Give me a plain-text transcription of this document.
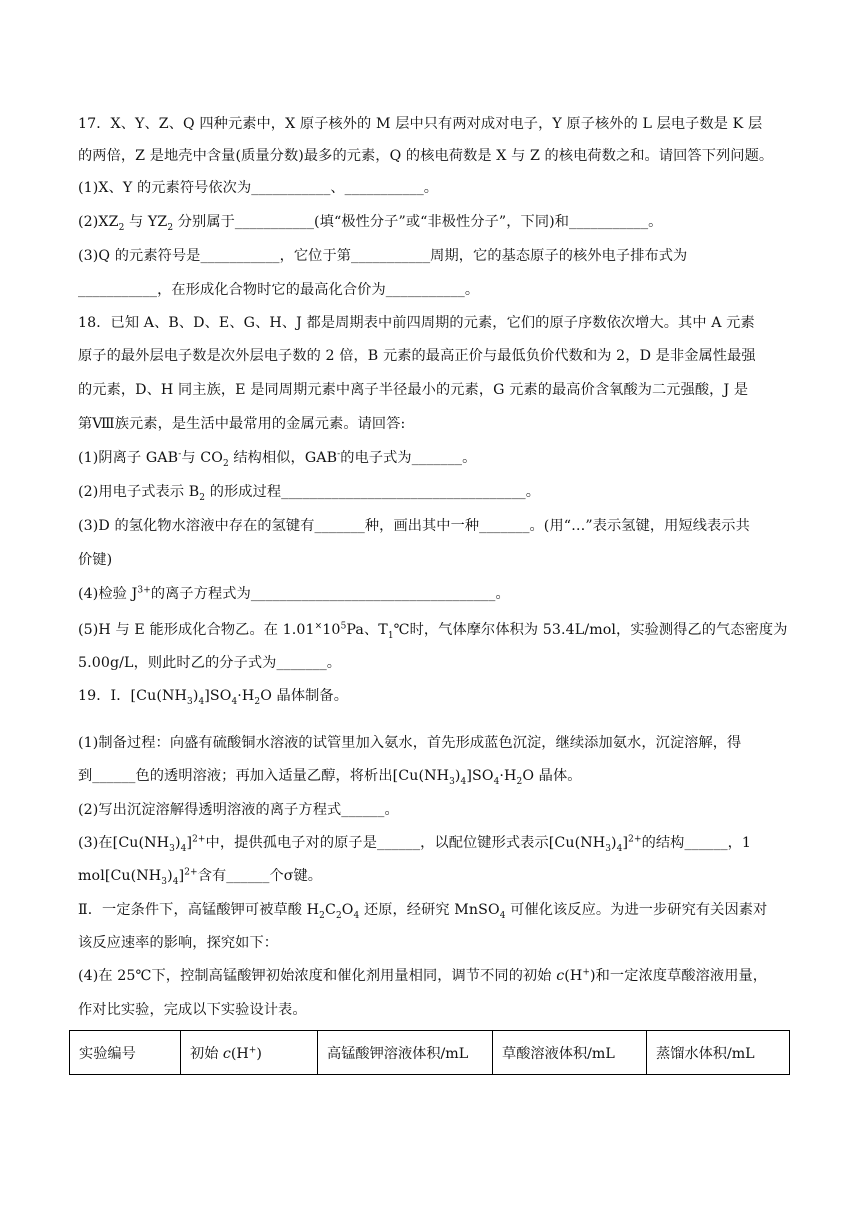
17．X、Y、Z、Q 四种元素中，X 原子核外的 M 层中只有两对成对电子，Y 原子核外的 L 层电子数是 K 层
的两倍，Z 是地壳中含量(质量分数)最多的元素，Q 的核电荷数是 X 与 Z 的核电荷数之和。请回答下列问题。
(1)X、Y 的元素符号依次为___________、___________。
$(2)XZ_2$ 与 $YZ_2$ 分别属于___________(填“极性分子”或“非极性分子”，下同)和___________。
(3)Q 的元素符号是___________，它位于第___________周期，它的基态原子的核外电子排布式为
___________，在形成化合物时它的最高化合价为___________。
18．已知 A、B、D、E、G、H、J 都是周期表中前四周期的元素，它们的原子序数依次增大。其中 A 元素
原子的最外层电子数是次外层电子数的 2 倍，B 元素的最高正价与最低负价代数和为 2，D 是非金属性最强
的元素，D、H 同主族，E 是同周期元素中离子半径最小的元素，G 元素的最高价含氧酸为二元强酸，J 是
第Ⅷ族元素，是生活中最常用的金属元素。请回答:
(1)阴离子 GAB-与 $CO_2$ 结构相似，GAB-的电子式为_______。
(2)用电子式表示 $B_2$ 的形成过程__________________________________。
(3)D 的氢化物水溶液中存在的氢键有_______种，画出其中一种_______。(用“…”表示氢键，用短线表示共
价键)
(4)检验 $J^{3+}$的离子方程式为__________________________________。
(5)H 与 E 能形成化合物乙。在 $1.01^\times 10^5Pa$、$T_1℃$时，气体摩尔体积为 53.4L/mol，实验测得乙的气态密度为
5.00g/L，则此时乙的分子式为_______。
19．Ⅰ．$[Cu(NH_3)_4]SO_4\cdot H_2O$ 晶体制备。
(1)制备过程：向盛有硫酸铜水溶液的试管里加入氨水，首先形成蓝色沉淀，继续添加氨水，沉淀溶解，得
到______色的透明溶液；再加入适量乙醇，将析出$[Cu(NH_3)_4]SO_4\cdot H_2O$ 晶体。
(2)写出沉淀溶解得透明溶液的离子方程式______。
(3)在$[Cu(NH_3)_4]^{2+}$中，提供孤电子对的原子是______，以配位键形式表示$[Cu(NH_3)_4]^{2+}$的结构______，1
$mol[Cu(NH_3)_4]^{2+}$含有______个σ键。
Ⅱ．一定条件下，高锰酸钾可被草酸 $H_2C_2O_4$ 还原，经研究 MnSO$_4$ 可催化该反应。为进一步研究有关因素对
该反应速率的影响，探究如下：
(4)在 25℃下，控制高锰酸钾初始浓度和催化剂用量相同，调节不同的初始 c(H+)和一定浓度草酸溶液用量，
作对比实验，完成以下实验设计表。
实验编号	初始 c(H+)	高锰酸钾溶液体积/mL	草酸溶液体积/mL	蒸馏水体积/mL
